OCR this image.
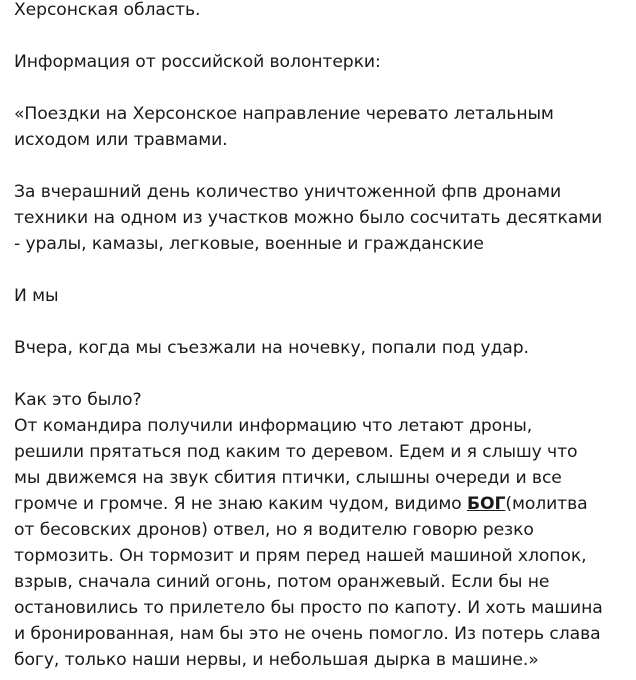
Херсонская область.

Информация от российской волонтерки:

«Поездки на Херсонское направление черевато летальным
исходом или травмами.

За вчерашний день количество уничтоженной фпв дронами
техники на одном из участков можно было сосчитать десятками
- уралы, камазы, легковые, военные и гражданские

И мы

Вчера, когда мы съезжали на ночевку, попали под удар.

Как это было?
От командира получили информацию что летают дроны,
решили прятаться под каким то деревом. Едем и я слышу что
мы движемся на звук сбития птички, слышны очереди и все
громче и громче. Я не знаю каким чудом, видимо БОГ(молитва
от бесовских дронов) отвел, но я водителю говорю резко
тормозить. Он тормозит и прям перед нашей машиной хлопок,
взрыв, сначала синий огонь, потом оранжевый. Если бы не
остановились то прилетело бы просто по капоту. И хоть машина
и бронированная, нам бы это не очень помогло. Из потерь слава
богу, только наши нервы, и небольшая дырка в машине.»
